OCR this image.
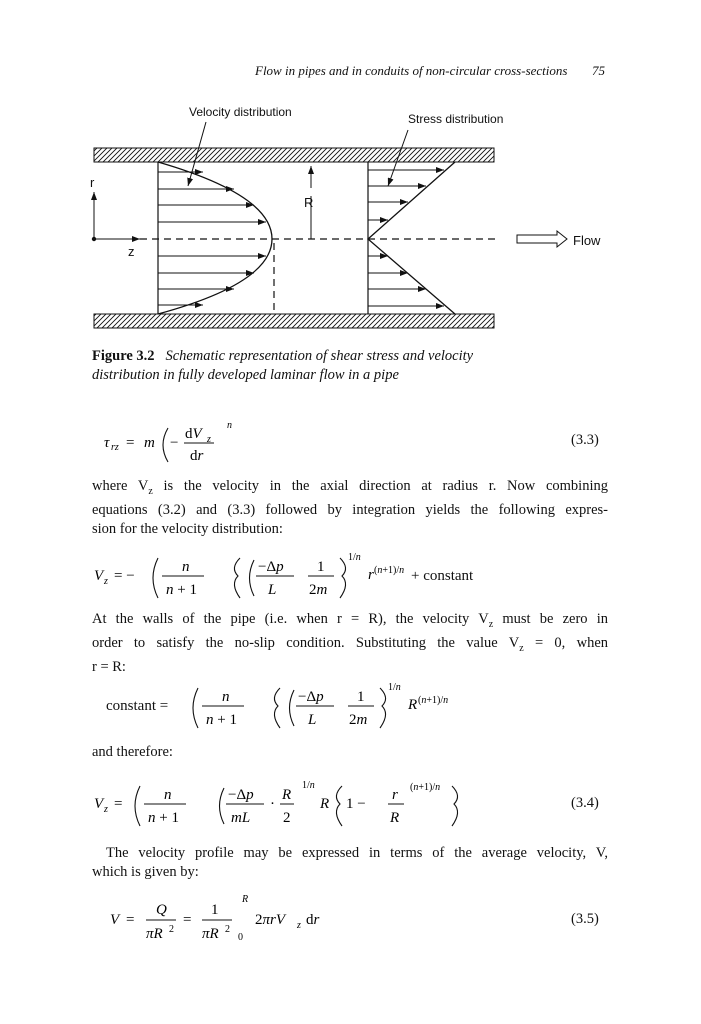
Flow in pipes and in conduits of non-circular cross-sections 75
Velocity distribution	Stress distribution
r
z
R
Flow
Figure 3.2 Schematic representation of shear stress and velocity
distribution in fully developed laminar flow in a pipe
τ rz = m −
dV z
dr
n
(3.3)
where $V_z$ is the velocity in the axial direction at radius r. Now combining
equations (3.2) and (3.3) followed by integration yields the following expres-
sion for the velocity distribution:
V z = −
n
n + 1
−Δp
L
1
2m
1/n
r (n+1)/n + constant
At the walls of the pipe (i.e. when r = R), the velocity $V_z$ must be zero in
order to satisfy the no-slip condition. Substituting the value $V_z = 0$, when
r = R:
constant =
n
n + 1
−Δp
L
1
2m
1/n
R (n+1)/n
and therefore:
V z =
n
n + 1
−Δp
mL
·
R
2
1/n
R 1 −
r
R
(n+1)/n
(3.4)
The velocity profile may be expressed in terms of the average velocity, V,
which is given by:
V =
Q
πR 2
=
1
πR 2
R
0
2πrV z dr	(3.5)
